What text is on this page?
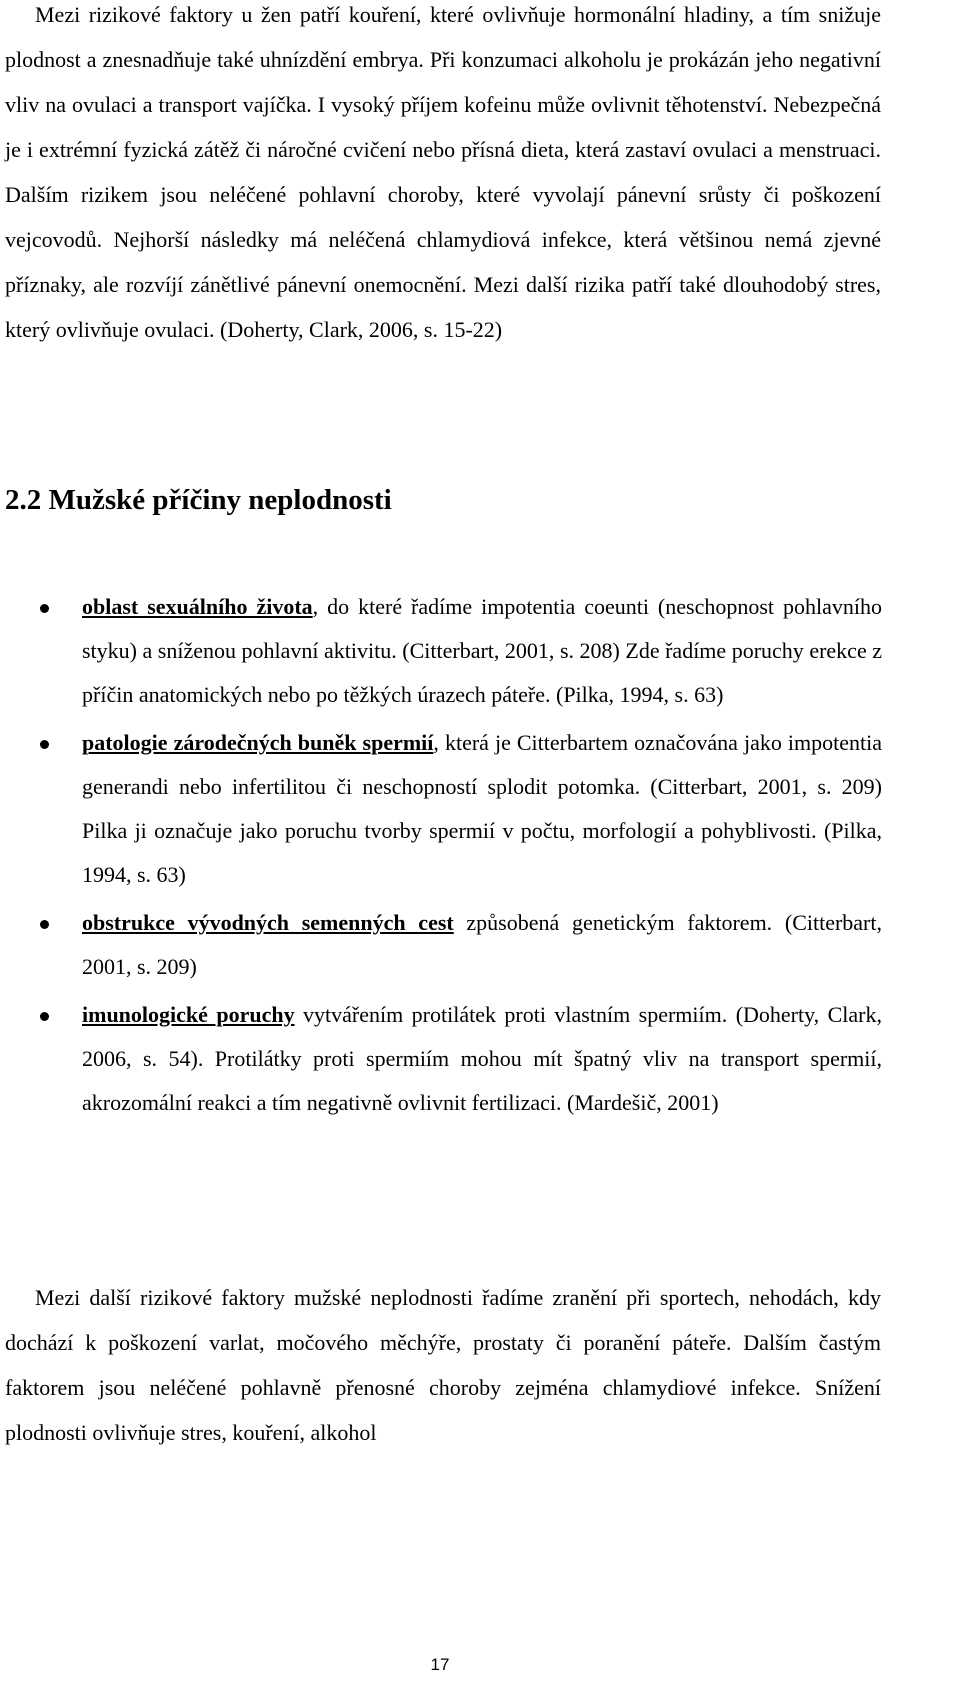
Mezi rizikové faktory u žen patří kouření, které ovlivňuje hormonální hladiny, a tím snižuje plodnost a znesnadňuje také uhnízdění embrya. Při konzumaci alkoholu je prokázán jeho negativní vliv na ovulaci a transport vajíčka. I vysoký příjem kofeinu může ovlivnit těhotenství. Nebezpečná je i extrémní fyzická zátěž či náročné cvičení nebo přísná dieta, která zastaví ovulaci a menstruaci. Dalším rizikem jsou neléčené pohlavní choroby, které vyvolají pánevní srůsty či poškození vejcovodů. Nejhorší následky má neléčená chlamydiová infekce, která většinou nemá zjevné příznaky, ale rozvíjí zánětlivé pánevní onemocnění. Mezi další rizika patří také dlouhodobý stres, který ovlivňuje ovulaci. (Doherty, Clark, 2006, s. 15-22)

2.2 Mužské příčiny neplodnosti
oblast sexuálního života, do které řadíme impotentia coeunti (neschopnost pohlavního styku) a sníženou pohlavní aktivitu. (Citterbart, 2001, s. 208) Zde řadíme poruchy erekce z příčin anatomických nebo po těžkých úrazech páteře. (Pilka, 1994, s. 63)
patologie zárodečných buněk spermií, která je Citterbartem označována jako impotentia generandi nebo infertilitou či neschopností splodit potomka. (Citterbart, 2001, s. 209) Pilka ji označuje jako poruchu tvorby spermií v počtu, morfologií a pohyblivosti. (Pilka, 1994, s. 63)
obstrukce vývodných semenných cest způsobená genetickým faktorem. (Citterbart, 2001, s. 209)
imunologické poruchy vytvářením protilátek proti vlastním spermiím. (Doherty, Clark, 2006, s. 54). Protilátky proti spermiím mohou mít špatný vliv na transport spermií, akrozomální reakci a tím negativně ovlivnit fertilizaci. (Mardešič, 2001)

Mezi další rizikové faktory mužské neplodnosti řadíme zranění při sportech, nehodách, kdy dochází k poškození varlat, močového měchýře, prostaty či poranění páteře. Dalším častým faktorem jsou neléčené pohlavně přenosné choroby zejména chlamydiové infekce. Snížení plodnosti ovlivňuje stres, kouření, alkohol

17
